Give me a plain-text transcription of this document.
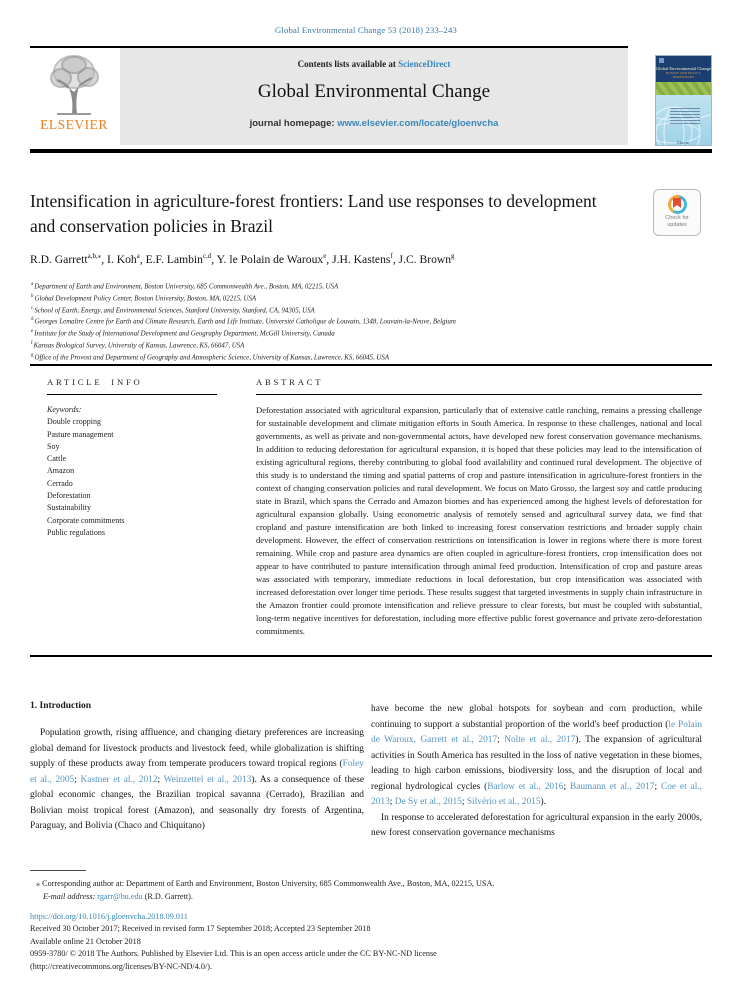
Global Environmental Change 53 (2018) 233–243
ELSEVIER
Contents lists available at ScienceDirect
Global Environmental Change
journal homepage: www.elsevier.com/locate/gloenvcha
Global Environmental Change
HUMAN AND POLICY DIMENSIONS
Elsevier
Intensification in agriculture-forest frontiers: Land use responses to development and conservation policies in Brazil	Check for
updates
R.D. Garrett$^{a,b,⁎}$, I. Koh$^a$, E.F. Lambin$^{c,d}$, Y. le Polain de Waroux$^e$, J.H. Kastens$^f$, J.C. Brown$^g$
$^a$Department of Earth and Environment, Boston University, 685 Commonwealth Ave., Boston, MA, 02215, USA
$^b$Global Development Policy Center, Boston University, Boston, MA, 02215, USA
$^c$School of Earth, Energy, and Environmental Sciences, Stanford University, Stanford, CA, 94305, USA
$^d$Georges Lemaître Centre for Earth and Climate Research, Earth and Life Institute, Université Catholique de Louvain, 1348, Louvain-la-Neuve, Belgium
$^e$Institute for the Study of International Development and Geography Department, McGill University, Canada
$^f$Kansas Biological Survey, University of Kansas, Lawrence, KS, 66047, USA
$^g$Office of the Provost and Department of Geography and Atmospheric Science, University of Kansas, Lawrence, KS, 66045, USA
ARTICLE INFO
Keywords:
Double cropping
Pasture management
Soy
Cattle
Amazon
Cerrado
Deforestation
Sustainability
Corporate commitments
Public regulations
ABSTRACT
Deforestation associated with agricultural expansion, particularly that of extensive cattle ranching, remains a pressing challenge for sustainable development and climate mitigation efforts in South America. In response to these challenges, national and local governments, as well as private and non-governmental actors, have developed new forest conservation governance mechanisms. In addition to reducing deforestation for agricultural expansion, it is hoped that these policies may lead to the intensification of existing agricultural regions, thereby contributing to global food availability and continued rural development. The objective of this study is to understand the timing and spatial patterns of crop and pasture intensification in agriculture-forest frontiers in the context of changing conservation policies and rural development. We focus on Mato Grosso, the largest soy and cattle producing state in Brazil, which spans the Cerrado and Amazon biomes and has experienced among the highest levels of deforestation for agricultural expansion globally. Using econometric analysis of remotely sensed and agricultural survey data, we find that cropland and pasture intensification are both linked to increasing forest conservation restrictions and broader supply chain development. However, the effect of conservation restrictions on intensification is lower in regions where there is more forest remaining. While crop and pasture area dynamics are often coupled in agriculture-forest frontiers, crop intensification does not appear to have contributed to pasture intensification through animal feed production. Intensification of crop and pasture areas was associated with temporary, immediate reductions in local deforestation, but crop intensification was associated with increased deforestation over longer time periods. These results suggest that targeted investments in supply chain infrastructure in the Amazon frontier could promote intensification and relieve pressure to clear forests, but must be coupled with substantial, long-term negative incentives for deforestation, including more effective public forest governance and private zero-deforestation commitments.
1. Introduction

Population growth, rising affluence, and changing dietary preferences are increasing global demand for livestock products and livestock feed, while globalization is shifting supply of these products away from temperate producers toward tropical regions (Foley et al., 2005; Kastner et al., 2012; Weinzettel et al., 2013). As a consequence of these global economic changes, the Brazilian tropical savanna (Cerrado), Brazilian and Bolivian moist tropical forest (Amazon), and seasonally dry forests of Argentina, Paraguay, and Bolivia (Chaco and Chiquitano)

have become the new global hotspots for soybean and corn production, while continuing to support a substantial proportion of the world's beef production (le Polain de Waroux, Garrett et al., 2017; Nolte et al., 2017). The expansion of agricultural activities in South America has resulted in the loss of native vegetation in these biomes, leading to high carbon emissions, biodiversity loss, and the disruption of local and regional hydrological cycles (Barlow et al., 2016; Baumann et al., 2017; Coe et al., 2013; De Sy et al., 2015; Silvério et al., 2015).

In response to accelerated deforestation for agricultural expansion in the early 2000s, new forest conservation governance mechanisms

⁎ Corresponding author at: Department of Earth and Environment, Boston University, 685 Commonwealth Ave., Boston, MA, 02215, USA.
E-mail address: rgarr@bu.edu (R.D. Garrett).
https://doi.org/10.1016/j.gloenvcha.2018.09.011
Received 30 October 2017; Received in revised form 17 September 2018; Accepted 23 September 2018
Available online 21 October 2018
0959-3780/ © 2018 The Authors. Published by Elsevier Ltd. This is an open access article under the CC BY-NC-ND license
(http://creativecommons.org/licenses/BY-NC-ND/4.0/).
